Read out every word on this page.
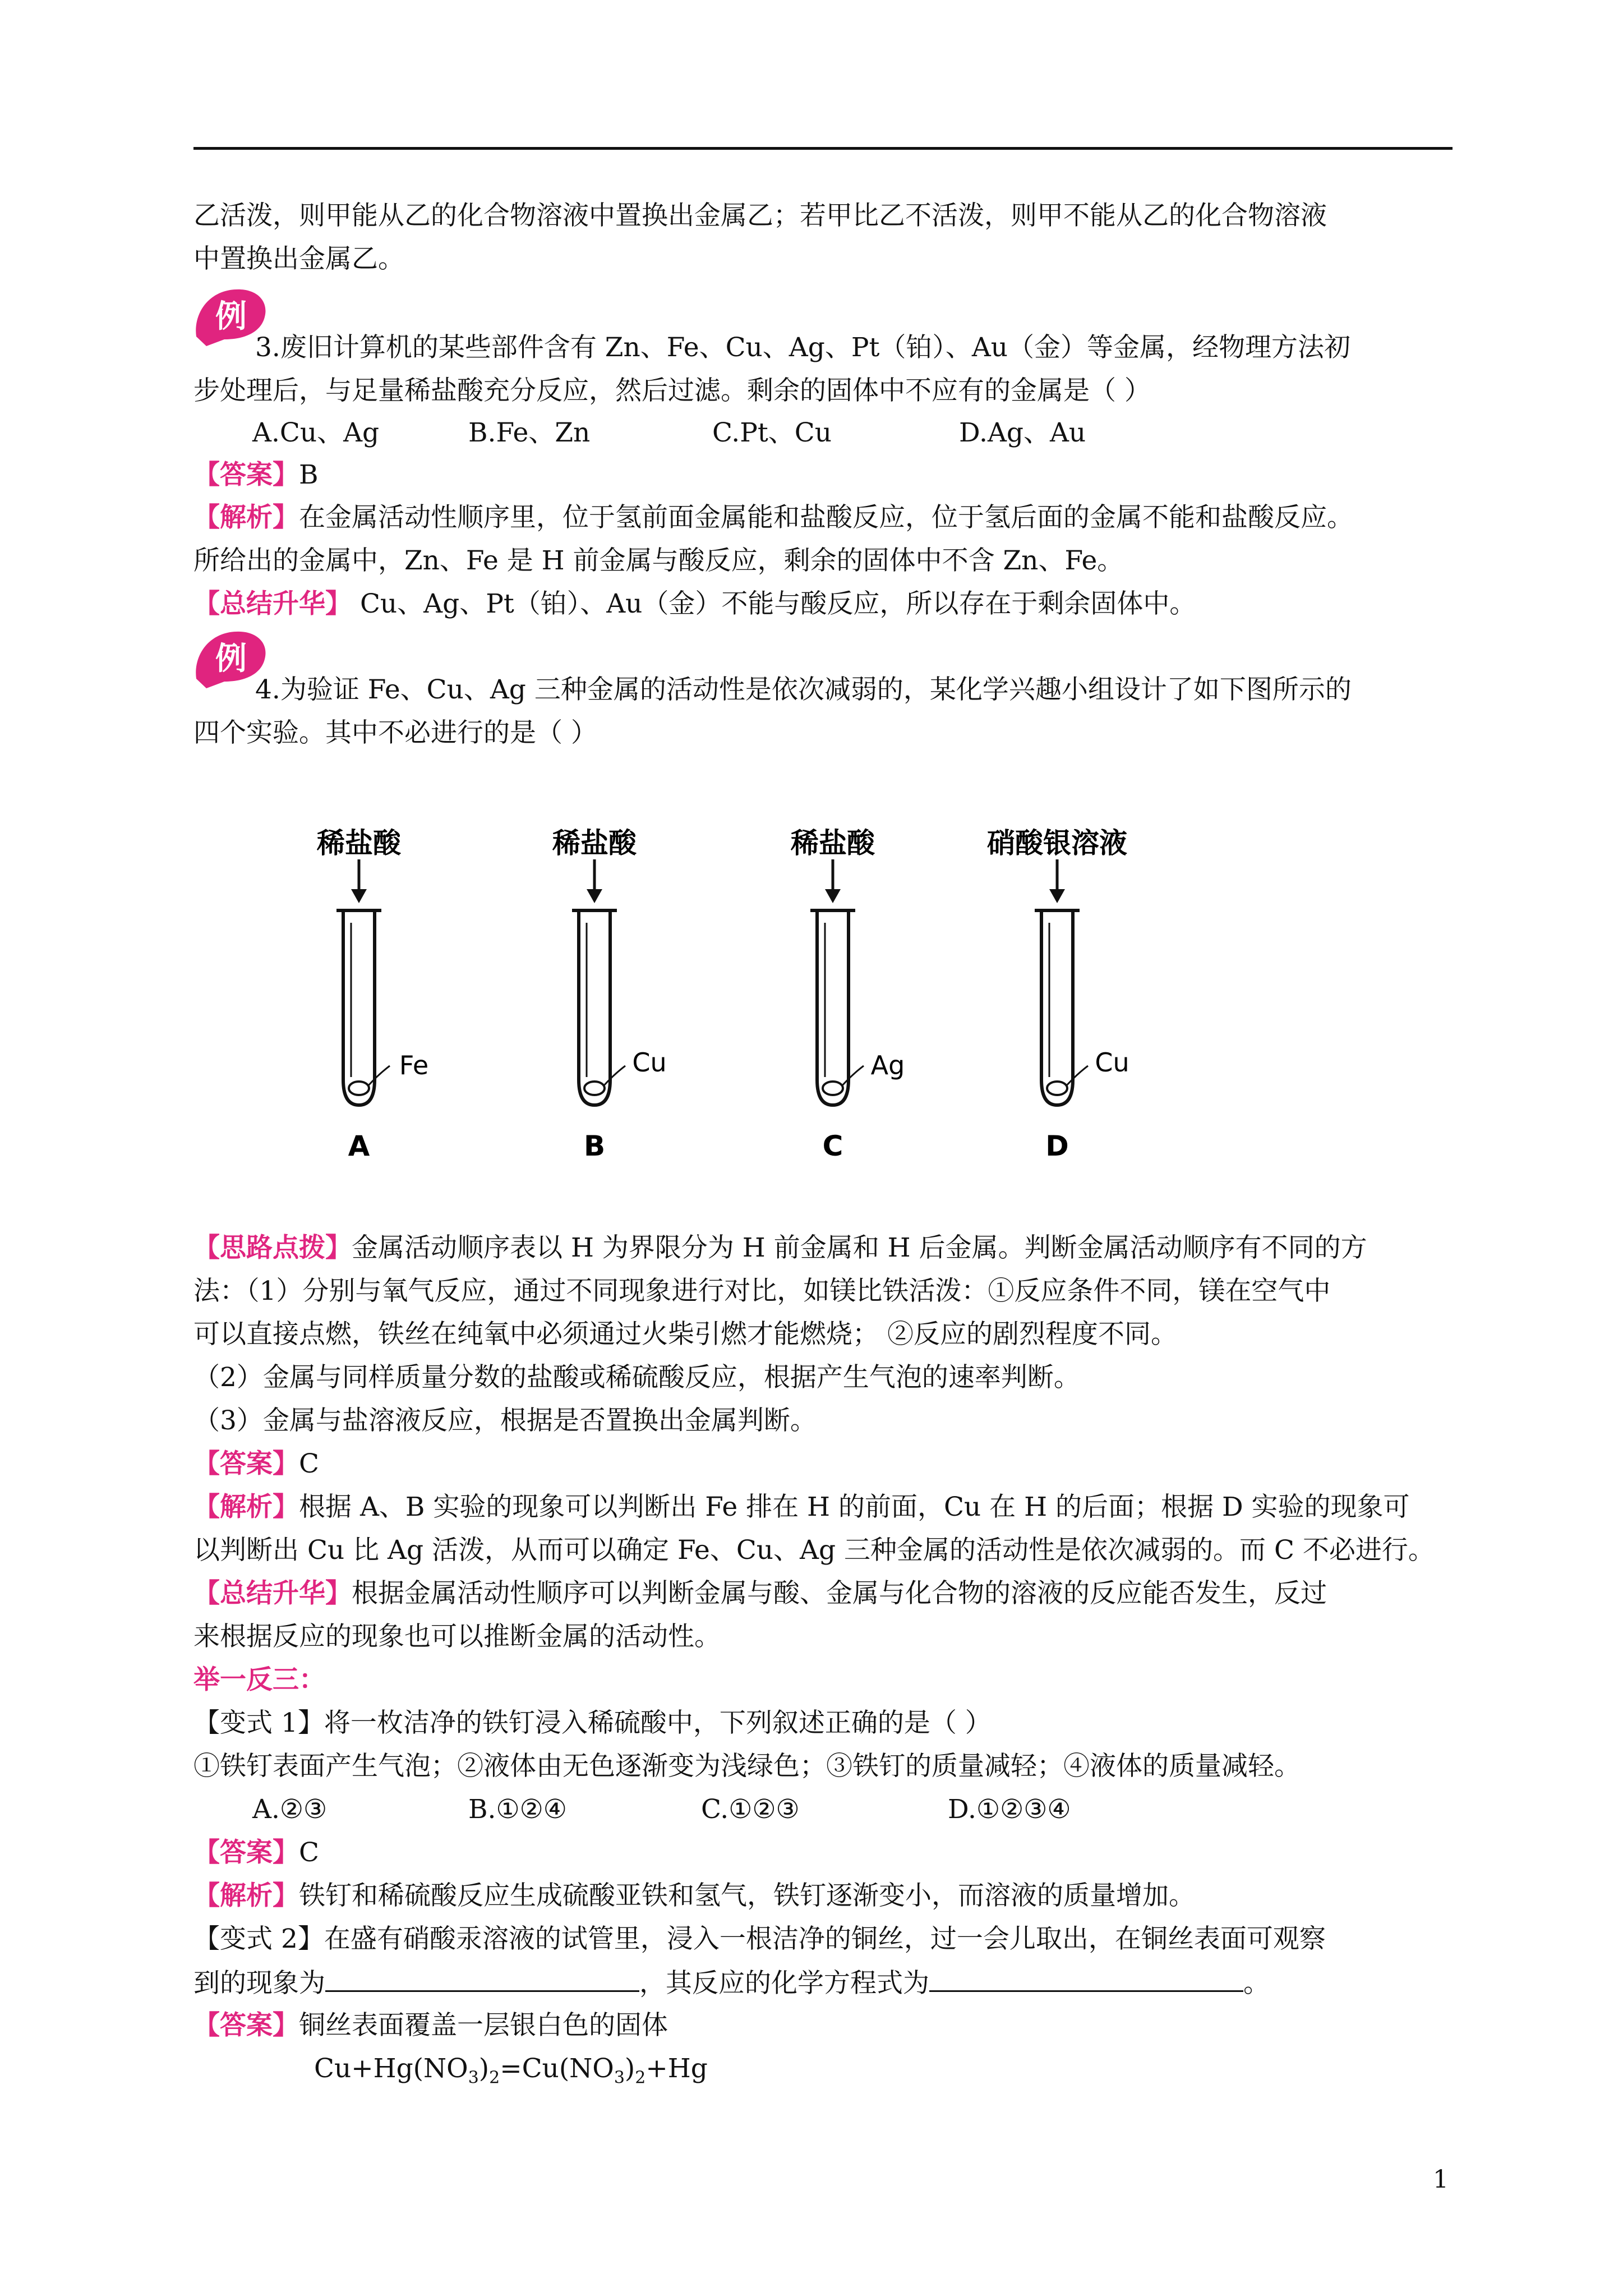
乙活泼，则甲能从乙的化合物溶液中置换出金属乙；若甲比乙不活泼，则甲不能从乙的化合物溶液
中置换出金属乙。
例
3.废旧计算机的某些部件含有 Zn、Fe、Cu、Ag、Pt（铂）、Au（金）等金属，经物理方法初
步处理后，与足量稀盐酸充分反应，然后过滤。剩余的固体中不应有的金属是（ ）
A.Cu、Ag	B.Fe、Zn	C.Pt、Cu	D.Ag、Au
【答案】B
【解析】在金属活动性顺序里，位于氢前面金属能和盐酸反应，位于氢后面的金属不能和盐酸反应。
所给出的金属中，Zn、Fe 是 H 前金属与酸反应，剩余的固体中不含 Zn、Fe。
【总结升华】 Cu、Ag、Pt（铂）、Au（金）不能与酸反应，所以存在于剩余固体中。
例
4.为验证 Fe、Cu、Ag 三种金属的活动性是依次减弱的，某化学兴趣小组设计了如下图所示的
四个实验。其中不必进行的是（ ）
稀盐酸
Fe
A
稀盐酸
Cu
B
稀盐酸
Ag
C
硝酸银溶液
Cu
D
【思路点拨】金属活动顺序表以 H 为界限分为 H 前金属和 H 后金属。判断金属活动顺序有不同的方
法：（1）分别与氧气反应，通过不同现象进行对比，如镁比铁活泼：①反应条件不同，镁在空气中
可以直接点燃，铁丝在纯氧中必须通过火柴引燃才能燃烧； ②反应的剧烈程度不同。
（2）金属与同样质量分数的盐酸或稀硫酸反应，根据产生气泡的速率判断。
（3）金属与盐溶液反应，根据是否置换出金属判断。
【答案】C
【解析】根据 A、B 实验的现象可以判断出 Fe 排在 H 的前面，Cu 在 H 的后面；根据 D 实验的现象可
以判断出 Cu 比 Ag 活泼，从而可以确定 Fe、Cu、Ag 三种金属的活动性是依次减弱的。而 C 不必进行。
【总结升华】根据金属活动性顺序可以判断金属与酸、金属与化合物的溶液的反应能否发生，反过
来根据反应的现象也可以推断金属的活动性。
举一反三：
【变式 1】将一枚洁净的铁钉浸入稀硫酸中，下列叙述正确的是（ ）
①铁钉表面产生气泡；②液体由无色逐渐变为浅绿色；③铁钉的质量减轻；④液体的质量减轻。
A.②③	B.①②④	C.①②③	D.①②③④
【答案】C
【解析】铁钉和稀硫酸反应生成硫酸亚铁和氢气，铁钉逐渐变小，而溶液的质量增加。
【变式 2】在盛有硝酸汞溶液的试管里，浸入一根洁净的铜丝，过一会儿取出，在铜丝表面可观察
到的现象为	，其反应的化学方程式为	。
【答案】铜丝表面覆盖一层银白色的固体
$Cu+Hg(NO_3)_2=Cu(NO_3)_2+Hg$
1
